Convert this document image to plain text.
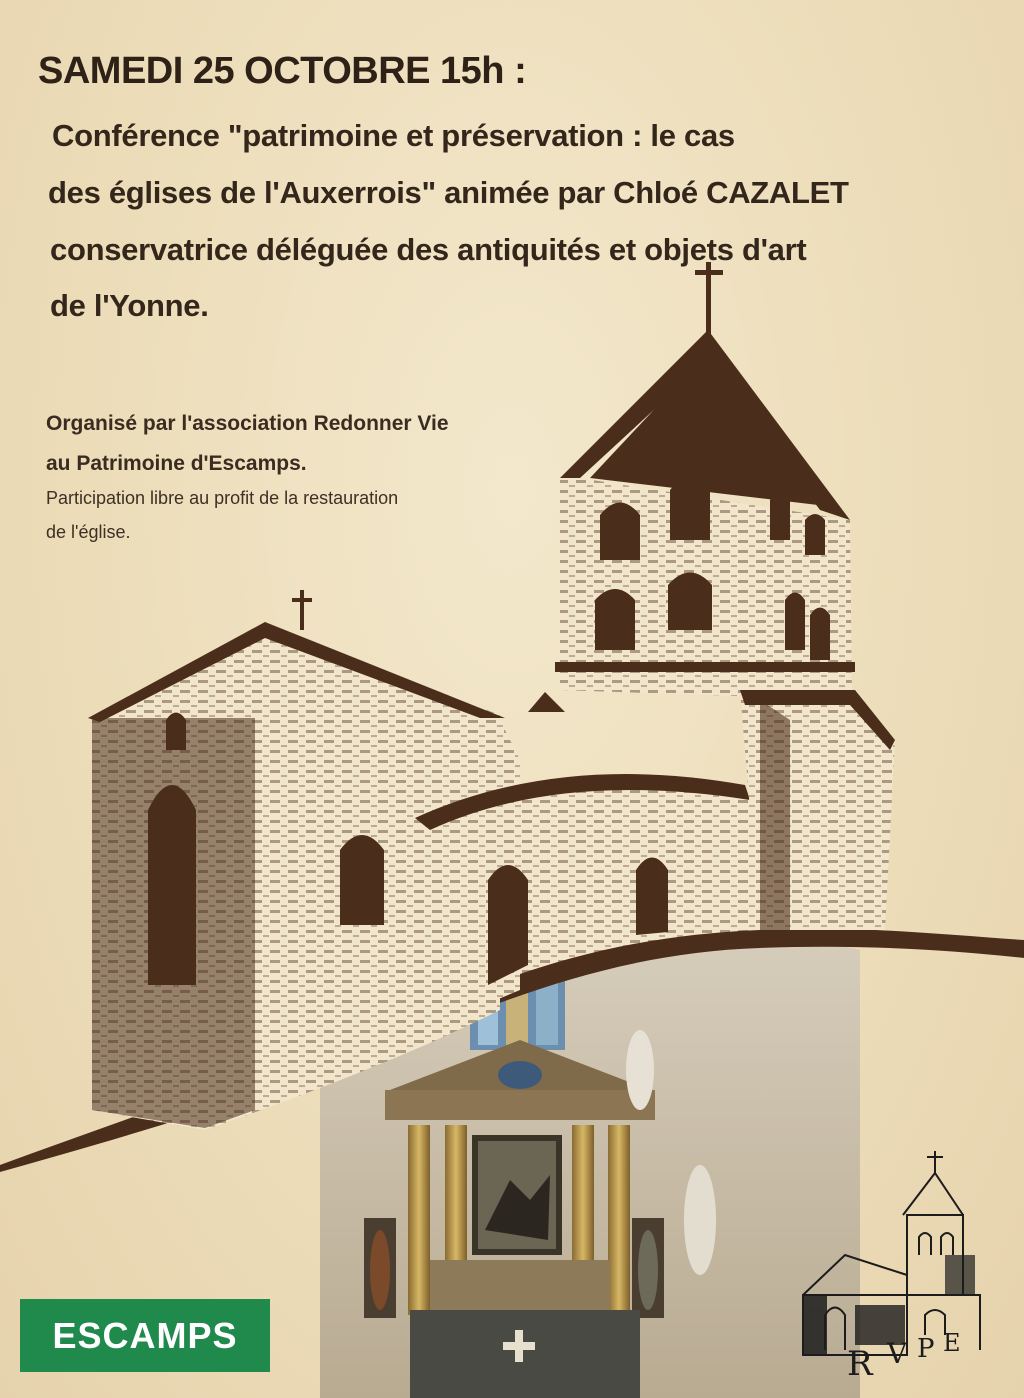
SAMEDI 25 OCTOBRE 15h :
Conférence "patrimoine et préservation : le cas
des églises de l'Auxerrois" animée par Chloé CAZALET
conservatrice déléguée des antiquités et objets d'art
de l'Yonne.
Organisé par l'association Redonner Vie
au Patrimoine d'Escamps.
Participation libre au profit de la restauration
de l'église.
ESCAMPS
R V P E
